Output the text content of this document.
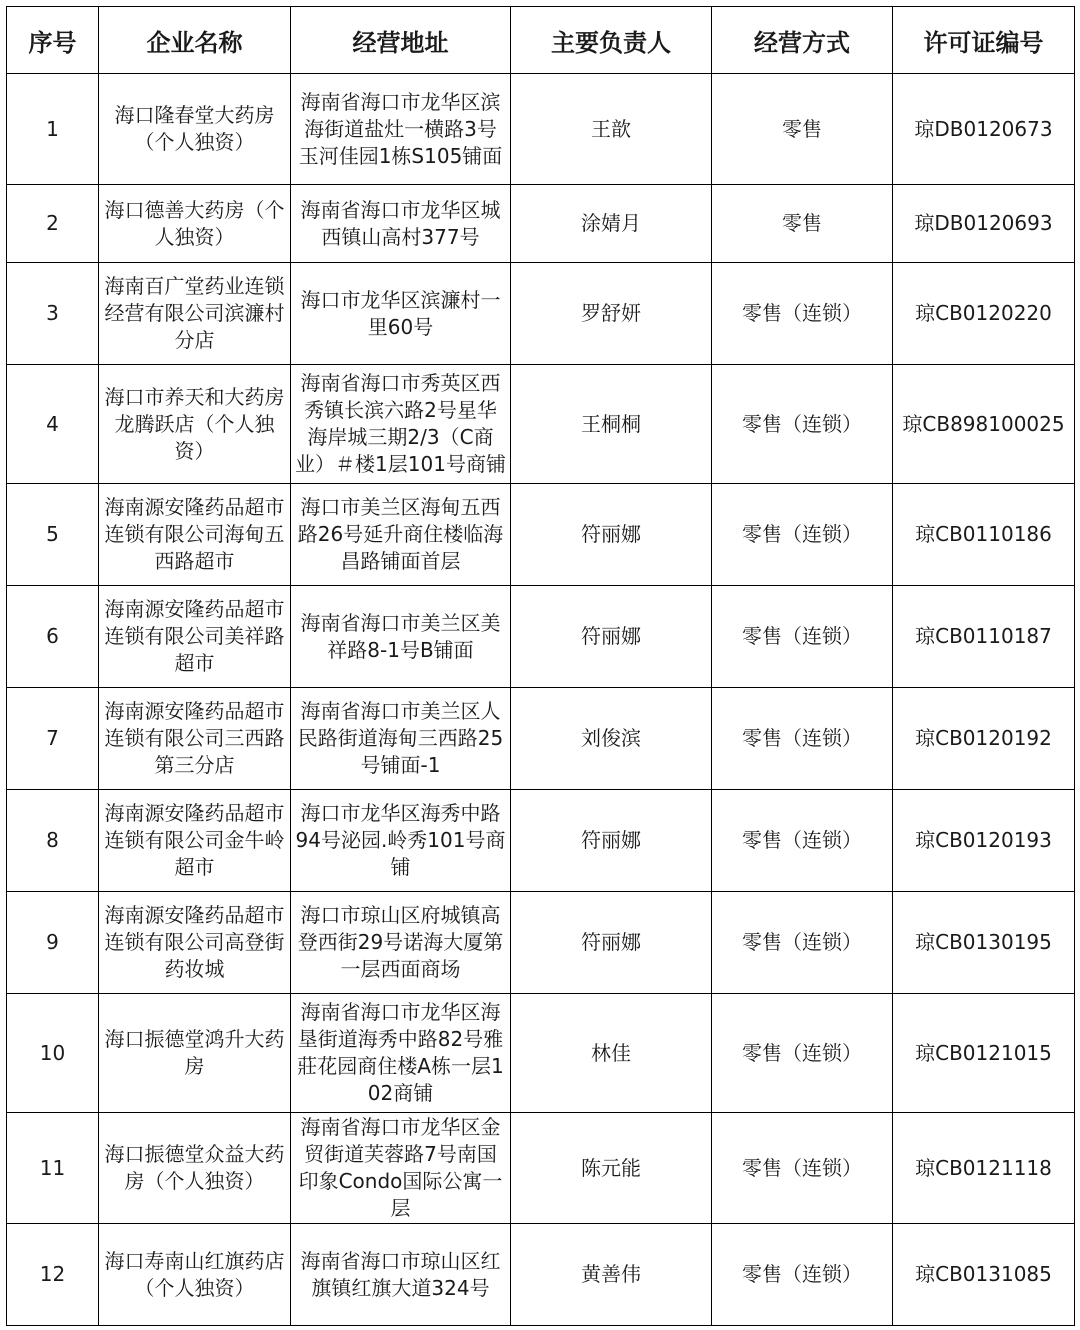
序号	企业名称	经营地址	主要负责人	经营方式	许可证编号
1	海口隆春堂大药房（个人独资）	海南省海口市龙华区滨海街道盐灶一横路3号玉河佳园1栋S105铺面	王歆	零售	琼DB0120673
2	海口德善大药房（个人独资）	海南省海口市龙华区城西镇山高村377号	涂婧月	零售	琼DB0120693
3	海南百广堂药业连锁经营有限公司滨濂村分店	海口市龙华区滨濂村一里60号	罗舒妍	零售（连锁）	琼CB0120220
4	海口市养天和大药房龙腾跃店（个人独资）	海南省海口市秀英区西秀镇长滨六路2号星华海岸城三期2/3（C商业）＃楼1层101号商铺	王桐桐	零售（连锁）	琼CB898100025
5	海南源安隆药品超市连锁有限公司海甸五西路超市	海口市美兰区海甸五西路26号延升商住楼临海昌路铺面首层	符丽娜	零售（连锁）	琼CB0110186
6	海南源安隆药品超市连锁有限公司美祥路超市	海南省海口市美兰区美祥路8-1号B铺面	符丽娜	零售（连锁）	琼CB0110187
7	海南源安隆药品超市连锁有限公司三西路第三分店	海南省海口市美兰区人民路街道海甸三西路25号铺面-1	刘俊滨	零售（连锁）	琼CB0120192
8	海南源安隆药品超市连锁有限公司金牛岭超市	海口市龙华区海秀中路94号泌园.岭秀101号商铺	符丽娜	零售（连锁）	琼CB0120193
9	海南源安隆药品超市连锁有限公司高登街药妆城	海口市琼山区府城镇高登西街29号诺海大厦第一层西面商场	符丽娜	零售（连锁）	琼CB0130195
10	海口振德堂鸿升大药房	海南省海口市龙华区海垦街道海秀中路82号雅莊花园商住楼A栋一层102商铺	林佳	零售（连锁）	琼CB0121015
11	海口振德堂众益大药房（个人独资）	海南省海口市龙华区金贸街道芙蓉路7号南国印象Condo国际公寓一层	陈元能	零售（连锁）	琼CB0121118
12	海口寿南山红旗药店（个人独资）	海南省海口市琼山区红旗镇红旗大道324号	黄善伟	零售（连锁）	琼CB0131085
